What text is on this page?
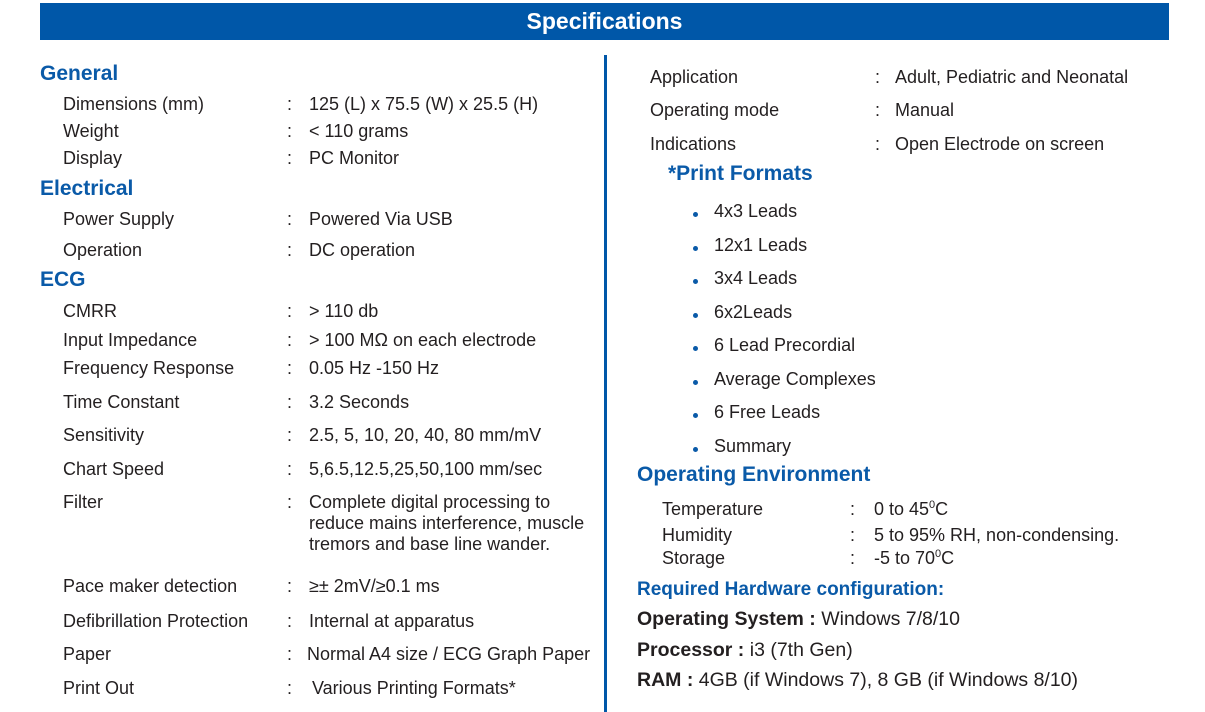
Specifications
General
Dimensions (mm)	: 125 (L) x 75.5 (W) x 25.5 (H)
Weight	: < 110 grams
Display	: PC Monitor
Electrical
Power Supply	: Powered Via USB
Operation	: DC operation
ECG
CMRR	: > 110 db
Input Impedance	: > 100 MΩ on each electrode
Frequency Response	: 0.05 Hz -150 Hz
Time Constant	: 3.2 Seconds
Sensitivity	: 2.5, 5, 10, 20, 40, 80 mm/mV
Chart Speed	: 5,6.5,12.5,25,50,100 mm/sec
Filter	: Complete digital processing to reduce mains interference, muscle tremors and base line wander.
Pace maker detection	: ≥± 2mV/≥0.1 ms
Defibrillation Protection : Internal at apparatus
Paper	: Normal A4 size / ECG Graph Paper
Print Out	: Various Printing Formats*
Application	: Adult, Pediatric and Neonatal
Operating mode	: Manual
Indications	: Open Electrode on screen
*Print Formats
4x3 Leads
12x1 Leads
3x4 Leads
6x2Leads
6 Lead Precordial
Average Complexes
6 Free Leads
Summary
Operating Environment
Temperature	: 0 to $45^0C$
Humidity	: 5 to 95% RH, non-condensing.
Storage	: -5 to $70^0C$
Required Hardware configuration:
Operating System : Windows 7/8/10
Processor : i3 (7th Gen)
RAM : 4GB (if Windows 7), 8 GB (if Windows 8/10)
